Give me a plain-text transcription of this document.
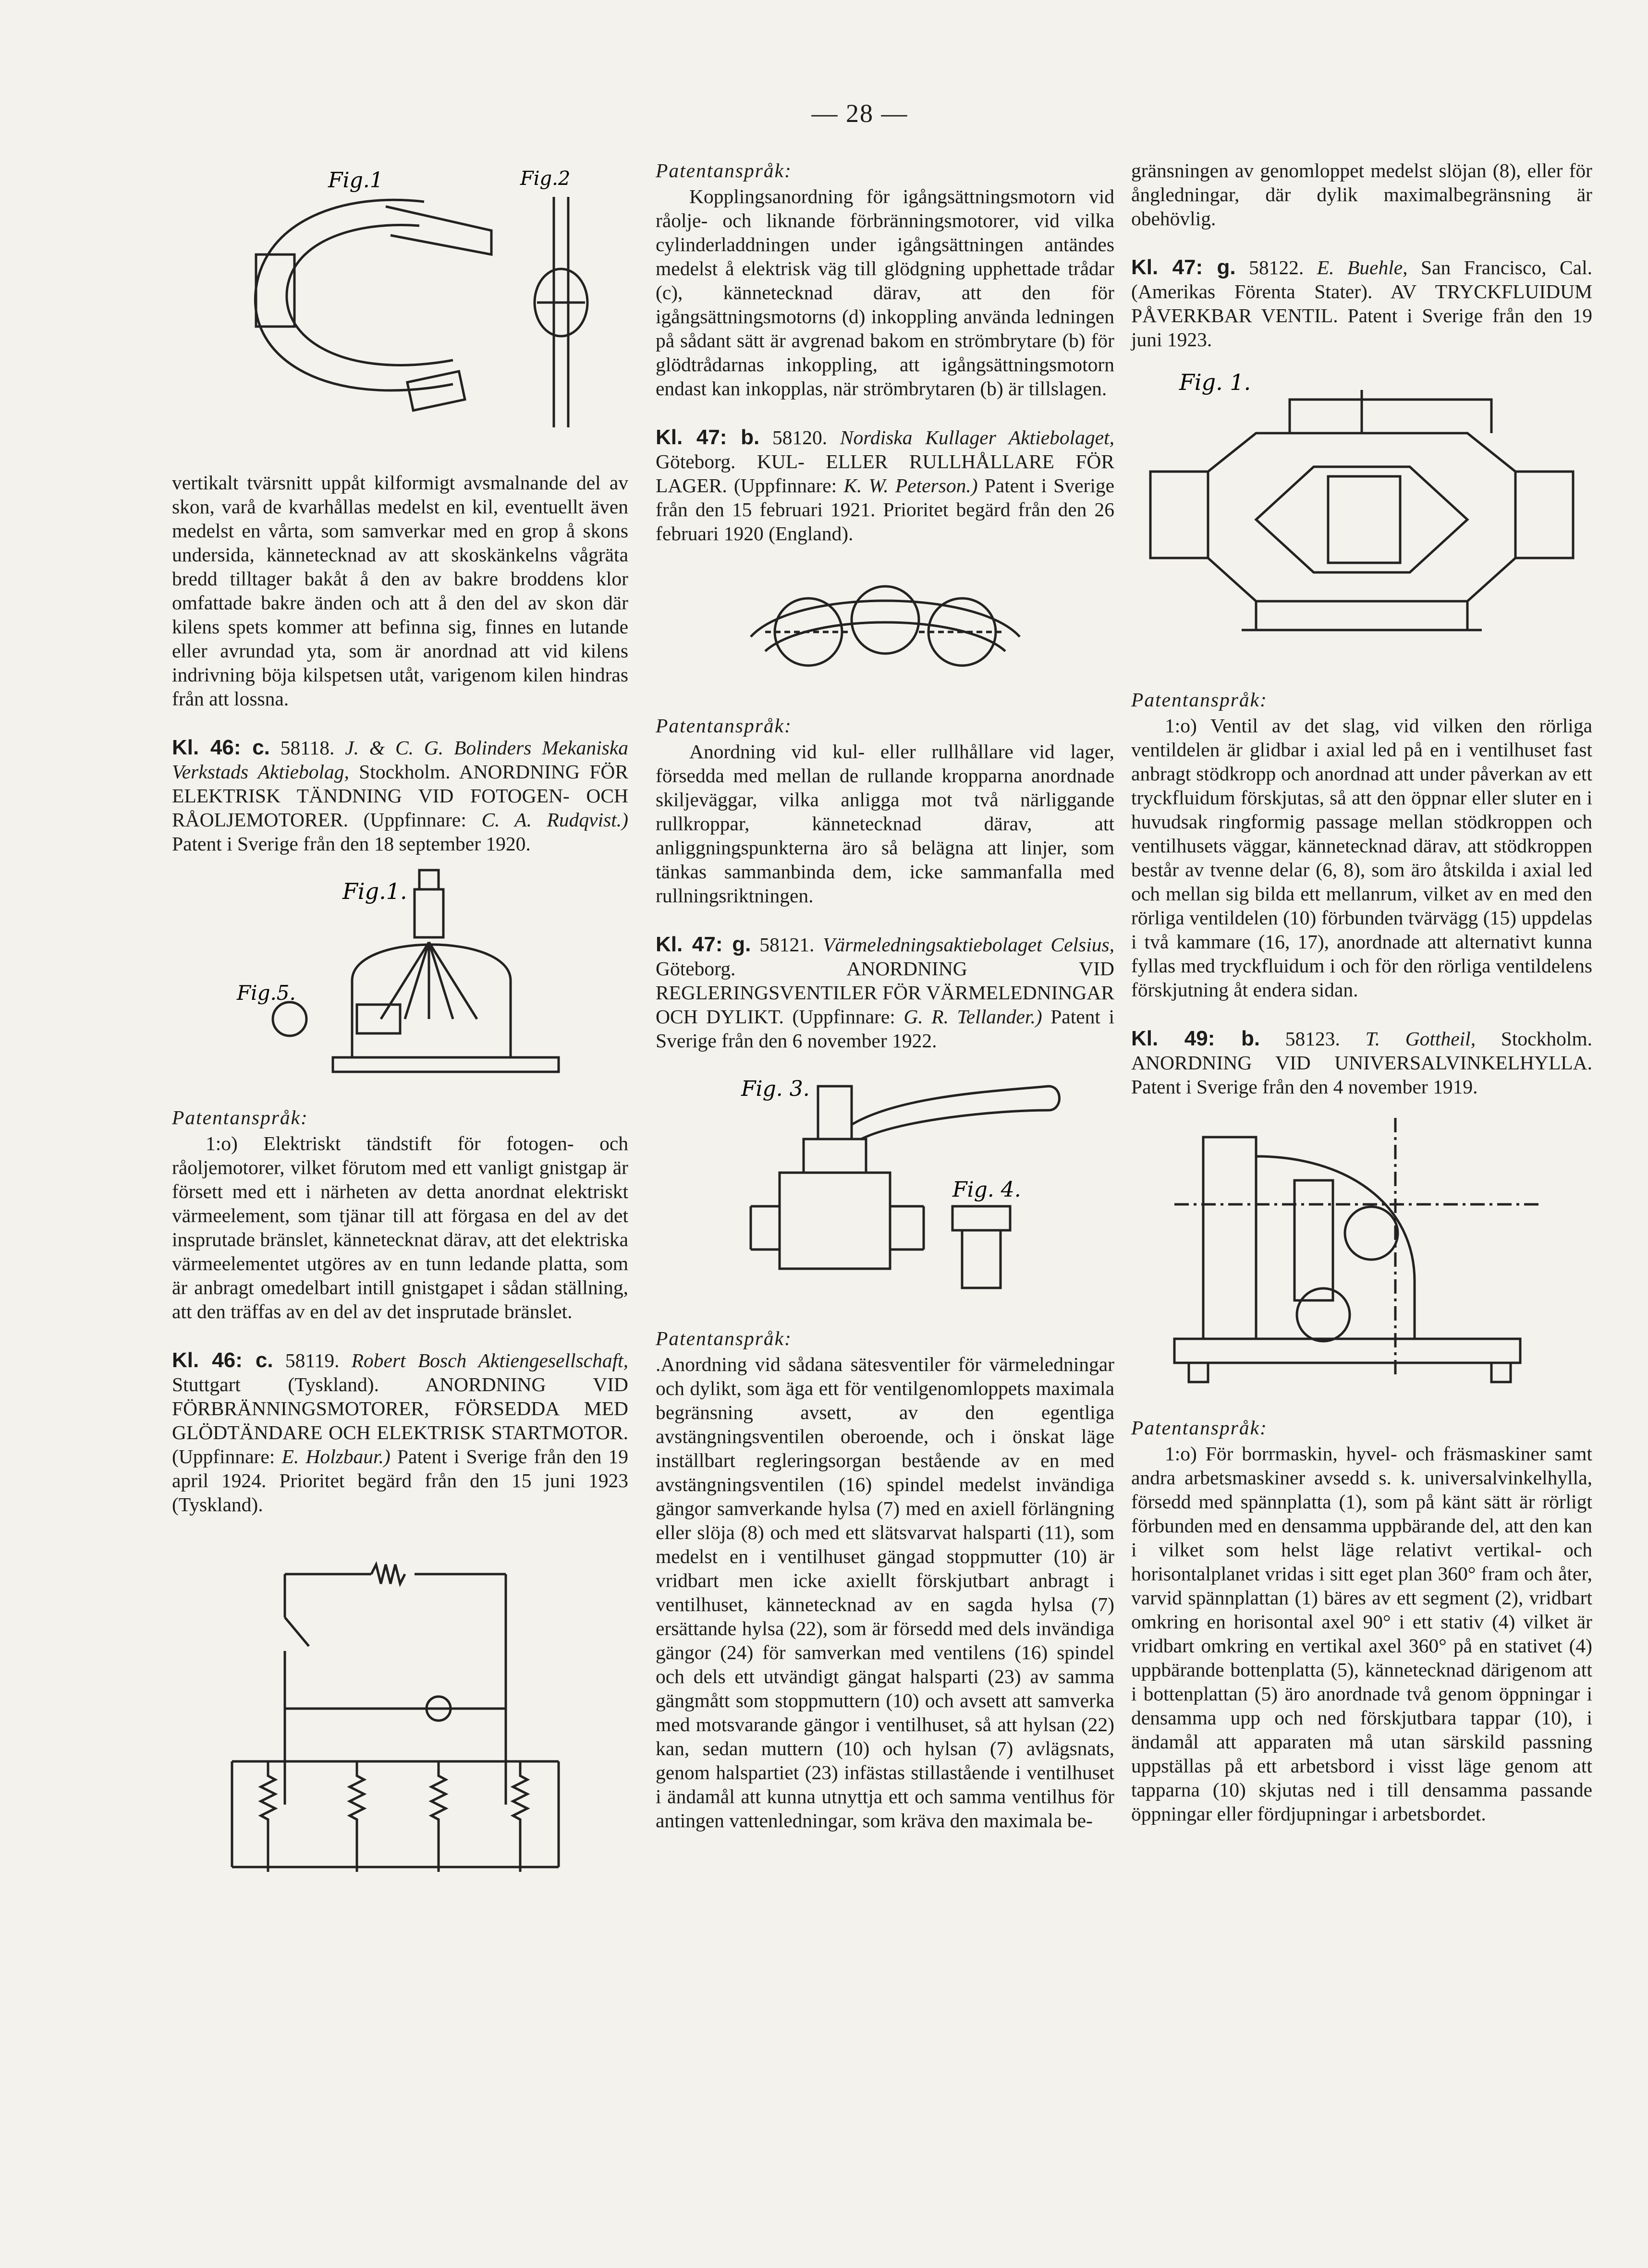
— 28 —
Fig.1	Fig.2

vertikalt tvärsnitt uppåt kilformigt avsmalnande del av skon, varå de kvarhållas medelst en kil, eventuellt även medelst en vårta, som samverkar med en grop å skons undersida, kännetecknad av att skoskänkelns vågräta bredd tilltager bakåt å den av bakre broddens klor omfattade bakre änden och att å den del av skon där kilens spets kommer att befinna sig, finnes en lutande eller avrundad yta, som är anordnad att vid kilens indrivning böja kilspetsen utåt, varigenom kilen hindras från att lossna.

Kl. 46: c. 58118. J. & C. G. Bolinders Mekaniska Verkstads Aktiebolag, Stockholm. ANORDNING FÖR ELEKTRISK TÄNDNING VID FOTOGEN- OCH RÅOLJEMOTORER. (Uppfinnare: C. A. Rudqvist.) Patent i Sverige från den 18 september 1920.

Fig.1.
Fig.5.

Patentanspråk:

1:o) Elektriskt tändstift för fotogen- och råoljemotorer, vilket förutom med ett vanligt gnistgap är försett med ett i närheten av detta anordnat elektriskt värmeelement, som tjänar till att förgasa en del av det insprutade bränslet, kännetecknat därav, att det elektriska värmeelementet utgöres av en tunn ledande platta, som är anbragt omedelbart intill gnistgapet i sådan ställning, att den träffas av en del av det insprutade bränslet.

Kl. 46: c. 58119. Robert Bosch Aktiengesellschaft, Stuttgart (Tyskland). ANORDNING VID FÖRBRÄNNINGSMOTORER, FÖRSEDDA MED GLÖDTÄNDARE OCH ELEKTRISK STARTMOTOR. (Uppfinnare: E. Holzbaur.) Patent i Sverige från den 19 april 1924. Prioritet begärd från den 15 juni 1923 (Tyskland).

Patentanspråk:

Kopplingsanordning för igångsättningsmotorn vid råolje- och liknande förbränningsmotorer, vid vilka cylinderladdningen under igångsättningen antändes medelst å elektrisk väg till glödgning upphettade trådar (c), kännetecknad därav, att den för igångsättningsmotorns (d) inkoppling använda ledningen på sådant sätt är avgrenad bakom en strömbrytare (b) för glödtrådarnas inkoppling, att igångsättningsmotorn endast kan inkopplas, när strömbrytaren (b) är tillslagen.

Kl. 47: b. 58120. Nordiska Kullager Aktiebolaget, Göteborg. KUL- ELLER RULLHÅLLARE FÖR LAGER. (Uppfinnare: K. W. Peterson.) Patent i Sverige från den 15 februari 1921. Prioritet begärd från den 26 februari 1920 (England).

Patentanspråk:

Anordning vid kul- eller rullhållare vid lager, försedda med mellan de rullande kropparna anordnade skiljeväggar, vilka anligga mot två närliggande rullkroppar, kännetecknad därav, att anliggningspunkterna äro så belägna att linjer, som tänkas sammanbinda dem, icke sammanfalla med rullningsriktningen.

Kl. 47: g. 58121. Värmeledningsaktiebolaget Celsius, Göteborg.	ANORDNING VID REGLERINGSVENTILER FÖR VÄRMELEDNINGAR OCH DYLIKT. (Uppfinnare: G. R. Tellander.) Patent i Sverige från den 6 november 1922.

Fig. 3.
Fig. 4.

Patentanspråk:

.Anordning vid sådana sätesventiler för värmeledningar och dylikt, som äga ett för ventilgenomloppets maximala begränsning avsett, av den egentliga avstängningsventilen oberoende, och i önskat läge inställbart regleringsorgan bestående av en med avstängningsventilen (16) spindel medelst invändiga gängor samverkande hylsa (7) med en axiell förlängning eller slöja (8) och med ett slätsvarvat halsparti (11), som medelst en i ventilhuset gängad stoppmutter (10) är vridbart men icke axiellt förskjutbart anbragt i ventilhuset, kännetecknad av en sagda hylsa (7) ersättande hylsa (22), som är försedd med dels invändiga gängor (24) för samverkan med ventilens (16) spindel och dels ett utvändigt gängat halsparti (23) av samma gängmått som stoppmuttern (10) och avsett att samverka med motsvarande gängor i ventilhuset, så att hylsan (22) kan, sedan muttern (10) och hylsan (7) avlägsnats, genom halspartiet (23) infästas stillastående i ventilhuset i ändamål att kunna utnyttja ett och samma ventilhus för antingen vattenledningar, som kräva den maximala be-

gränsningen av genomloppet medelst slöjan (8), eller för ångledningar, där dylik maximalbegränsning är obehövlig.

Kl. 47: g. 58122. E. Buehle, San Francisco, Cal. (Amerikas Förenta Stater). AV TRYCKFLUIDUM PÅVERKBAR VENTIL. Patent i Sverige från den 19 juni 1923.

Fig. 1.

Patentanspråk:

1:o) Ventil av det slag, vid vilken den rörliga ventildelen är glidbar i axial led på en i ventilhuset fast anbragt stödkropp och anordnad att under påverkan av ett tryckfluidum förskjutas, så att den öppnar eller sluter en i huvudsak ringformig passage mellan stödkroppen och ventilhusets väggar, kännetecknad därav, att stödkroppen består av tvenne delar (6, 8), som äro åtskilda i axial led och mellan sig bilda ett mellanrum, vilket av en med den rörliga ventildelen (10) förbunden tvärvägg (15) uppdelas i två kammare (16, 17), anordnade att alternativt kunna fyllas med tryckfluidum i och för den rörliga ventildelens förskjutning åt endera sidan.

Kl. 49: b. 58123. T. Gottheil, Stockholm. ANORDNING VID UNIVERSALVINKELHYLLA. Patent i Sverige från den 4 november 1919.

Patentanspråk:

1:o) För borrmaskin, hyvel- och fräsmaskiner samt andra arbetsmaskiner avsedd s. k. universalvinkelhylla, försedd med spännplatta (1), som på känt sätt är rörligt förbunden med en densamma uppbärande del, att den kan i vilket som helst läge relativt vertikal- och horisontalplanet vridas i sitt eget plan 360° fram och åter, varvid spännplattan (1) bäres av ett segment (2), vridbart omkring en horisontal axel 90° i ett stativ (4) vilket är vridbart omkring en vertikal axel 360° på en stativet (4) uppbärande bottenplatta (5), kännetecknad därigenom att i bottenplattan (5) äro anordnade två genom öppningar i densamma upp och ned förskjutbara tappar (10), i ändamål att apparaten må utan särskild passning uppställas på ett arbetsbord i visst läge genom att tapparna (10) skjutas ned i till densamma passande öppningar eller fördjupningar i arbetsbordet.
